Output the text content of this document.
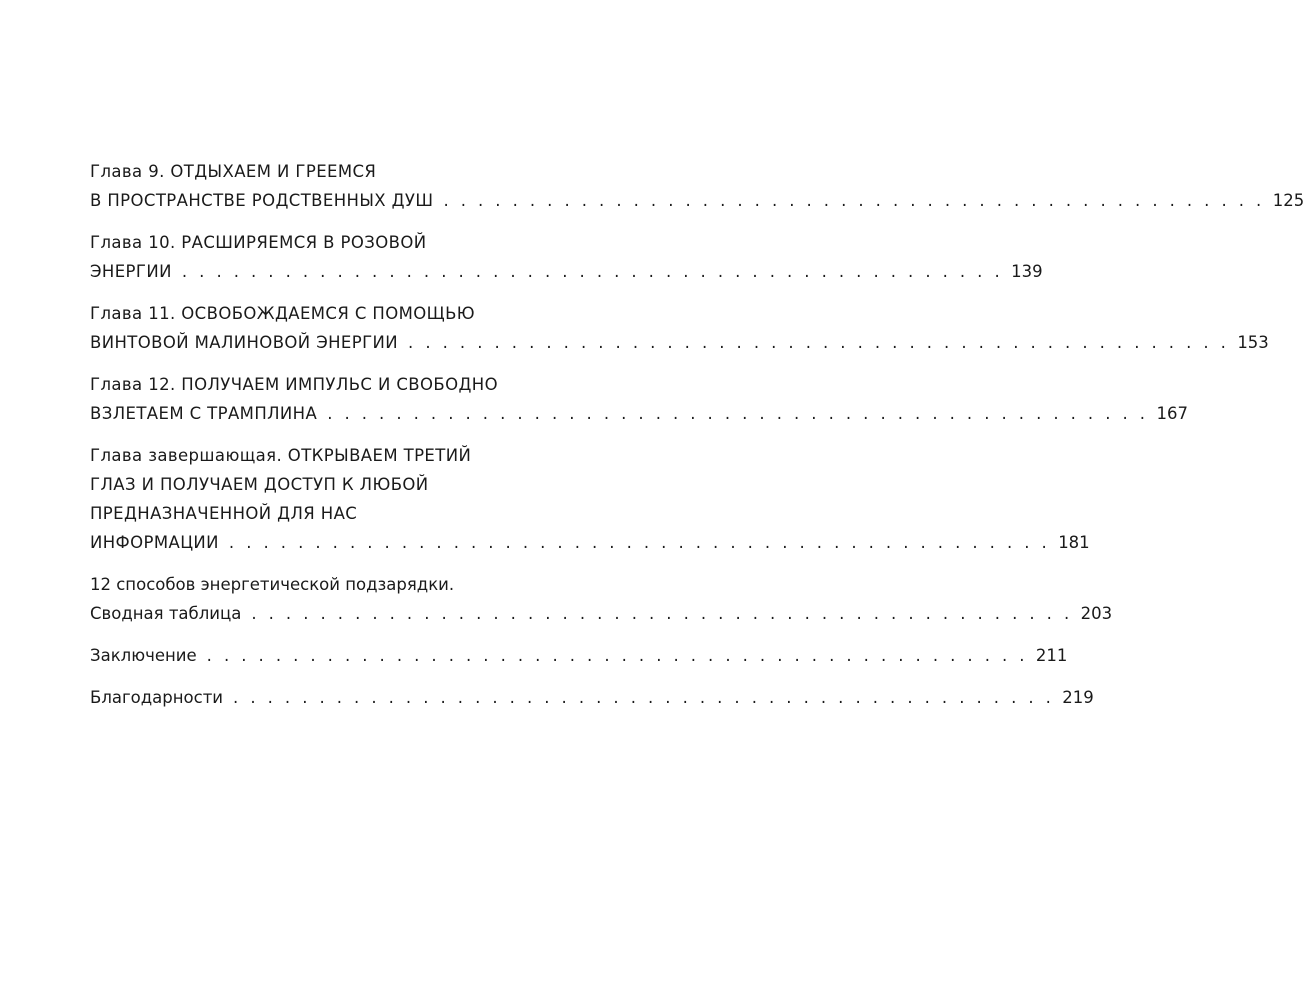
Глава 9. ОТДЫХАЕМ И ГРЕЕМСЯ
В ПРОСТРАНСТВЕ РОДСТВЕННЫХ ДУШ . . . . . . . . . . . . . . . . . . . . . . . . . . . . . . . . . . . . . . . . . . . . . . . . 125
Глава 10. РАСШИРЯЕМСЯ В РОЗОВОЙ
ЭНЕРГИИ . . . . . . . . . . . . . . . . . . . . . . . . . . . . . . . . . . . . . . . . . . . . . . . . 139
Глава 11. ОСВОБОЖДАЕМСЯ С ПОМОЩЬЮ
ВИНТОВОЙ МАЛИНОВОЙ ЭНЕРГИИ . . . . . . . . . . . . . . . . . . . . . . . . . . . . . . . . . . . . . . . . . . . . . . . . 153
Глава 12. ПОЛУЧАЕМ ИМПУЛЬС И СВОБОДНО
ВЗЛЕТАЕМ С ТРАМПЛИНА . . . . . . . . . . . . . . . . . . . . . . . . . . . . . . . . . . . . . . . . . . . . . . . . 167
Глава завершающая. ОТКРЫВАЕМ ТРЕТИЙ
ГЛАЗ И ПОЛУЧАЕМ ДОСТУП К ЛЮБОЙ
ПРЕДНАЗНАЧЕННОЙ ДЛЯ НАС
ИНФОРМАЦИИ . . . . . . . . . . . . . . . . . . . . . . . . . . . . . . . . . . . . . . . . . . . . . . . . 181
12 способов энергетической подзарядки.
Сводная таблица . . . . . . . . . . . . . . . . . . . . . . . . . . . . . . . . . . . . . . . . . . . . . . . . 203
Заключение . . . . . . . . . . . . . . . . . . . . . . . . . . . . . . . . . . . . . . . . . . . . . . . . 211
Благодарности . . . . . . . . . . . . . . . . . . . . . . . . . . . . . . . . . . . . . . . . . . . . . . . . 219
